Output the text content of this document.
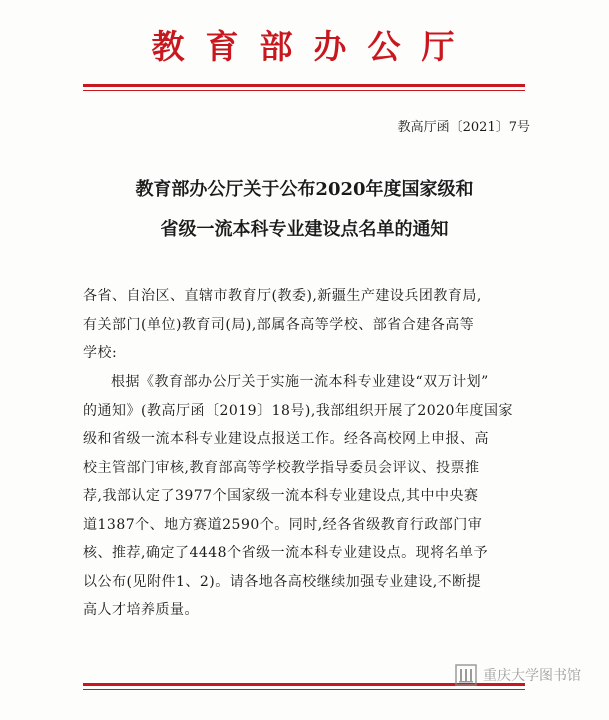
教育部办公厅
教高厅函〔2021〕7号
教育部办公厅关于公布2020年度国家级和
省级一流本科专业建设点名单的通知

各省、自治区、直辖市教育厅(教委),新疆生产建设兵团教育局,

有关部门(单位)教育司(局),部属各高等学校、部省合建各高等

学校:

根据《教育部办公厅关于实施一流本科专业建设“双万计划”

的通知》(教高厅函〔2019〕18号),我部组织开展了2020年度国家

级和省级一流本科专业建设点报送工作。经各高校网上申报、高

校主管部门审核,教育部高等学校教学指导委员会评议、投票推

荐,我部认定了3977个国家级一流本科专业建设点,其中中央赛

道1387个、地方赛道2590个。同时,经各省级教育行政部门审

核、推荐,确定了4448个省级一流本科专业建设点。现将名单予

以公布(见附件1、2)。请各地各高校继续加强专业建设,不断提

高人才培养质量。

重庆大学图书馆
